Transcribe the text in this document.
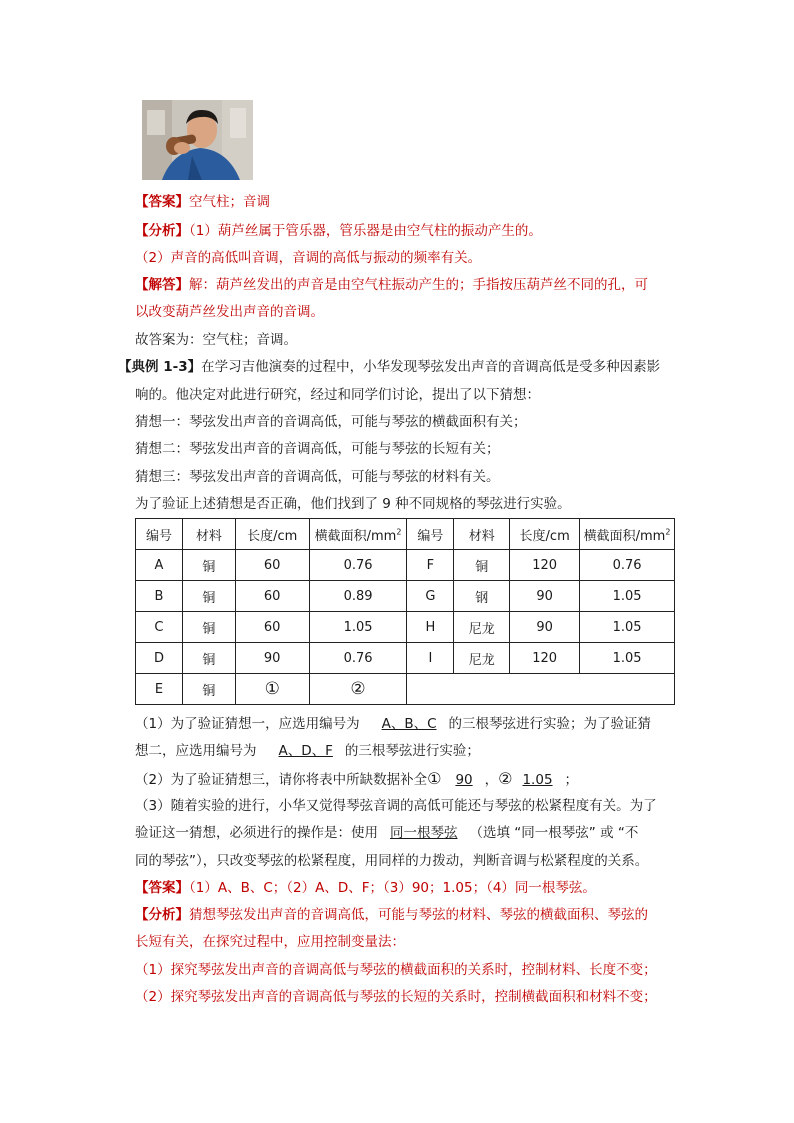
【答案】空气柱；音调
【分析】（1）葫芦丝属于管乐器，管乐器是由空气柱的振动产生的。
（2）声音的高低叫音调，音调的高低与振动的频率有关。
【解答】解：葫芦丝发出的声音是由空气柱振动产生的；手指按压葫芦丝不同的孔，可
以改变葫芦丝发出声音的音调。
故答案为：空气柱；音调。
【典例 1-3】在学习吉他演奏的过程中，小华发现琴弦发出声音的音调高低是受多种因素影
响的。他决定对此进行研究，经过和同学们讨论，提出了以下猜想：
猜想一：琴弦发出声音的音调高低，可能与琴弦的横截面积有关；
猜想二：琴弦发出声音的音调高低，可能与琴弦的长短有关；
猜想三：琴弦发出声音的音调高低，可能与琴弦的材料有关。
为了验证上述猜想是否正确，他们找到了 9 种不同规格的琴弦进行实验。
编号	材料	长度/cm	横截面积$/mm^2$	编号	材料	长度/cm	横截面积$/mm^2$
A	铜	60	0.76	F	铜	120	0.76
B	铜	60	0.89	G	钢	90	1.05
C	铜	60	1.05	H	尼龙	90	1.05
D	铜	90	0.76	I	尼龙	120	1.05
E	铜	①	②				
（1）为了验证猜想一，应选用编号为 A、B、C 的三根琴弦进行实验；为了验证猜
想二，应选用编号为 A、D、F 的三根琴弦进行实验；
（2）为了验证猜想三，请你将表中所缺数据补全① 90 ，② 1.05 ；
（3）随着实验的进行，小华又觉得琴弦音调的高低可能还与琴弦的松紧程度有关。为了
验证这一猜想，必须进行的操作是：使用 同一根琴弦 （选填 “同一根琴弦” 或 “不
同的琴弦”），只改变琴弦的松紧程度，用同样的力拨动，判断音调与松紧程度的关系。
【答案】（1）A、B、C；（2）A、D、F；（3）90；1.05；（4）同一根琴弦。
【分析】猜想琴弦发出声音的音调高低，可能与琴弦的材料、琴弦的横截面积、琴弦的
长短有关，在探究过程中，应用控制变量法：
（1）探究琴弦发出声音的音调高低与琴弦的横截面积的关系时，控制材料、长度不变；
（2）探究琴弦发出声音的音调高低与琴弦的长短的关系时，控制横截面积和材料不变；
